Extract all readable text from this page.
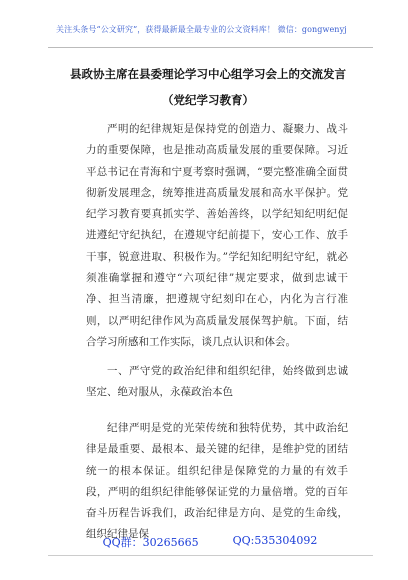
关注头条号“公文研究”，获得最新最全最专业的公文资料库！ 微信：gongwenyj
县政协主席在县委理论学习中心组学习会上的交流发言
（党纪学习教育）
严明的纪律规矩是保持党的创造力、凝聚力、战斗力的重要保障，也是推动高质量发展的重要保障。习近平总书记在青海和宁夏考察时强调，“要完整准确全面贯彻新发展理念，统筹推进高质量发展和高水平保护。党纪学习教育要真抓实学、善始善终，以学纪知纪明纪促进遵纪守纪执纪，在遵规守纪前提下，安心工作、放手干事，锐意进取、积极作为。”学纪知纪明纪守纪，就必须准确掌握和遵守“六项纪律”规定要求，做到忠诚干净、担当清廉，把遵规守纪刻印在心，内化为言行准则，以严明纪律作风为高质量发展保驾护航。下面，结合学习所感和工作实际，谈几点认识和体会。
一、严守党的政治纪律和组织纪律，始终做到忠诚坚定、绝对服从，永葆政治本色
纪律严明是党的光荣传统和独特优势，其中政治纪律是最重要、最根本、最关键的纪律，是维护党的团结统一的根本保证。组织纪律是保障党的力量的有效手段，严明的组织纪律能够保证党的力量倍增。党的百年奋斗历程告诉我们，政治纪律是方向、是党的生命线，组织纪律是保
QQ群：30265665	QQ:535304092
